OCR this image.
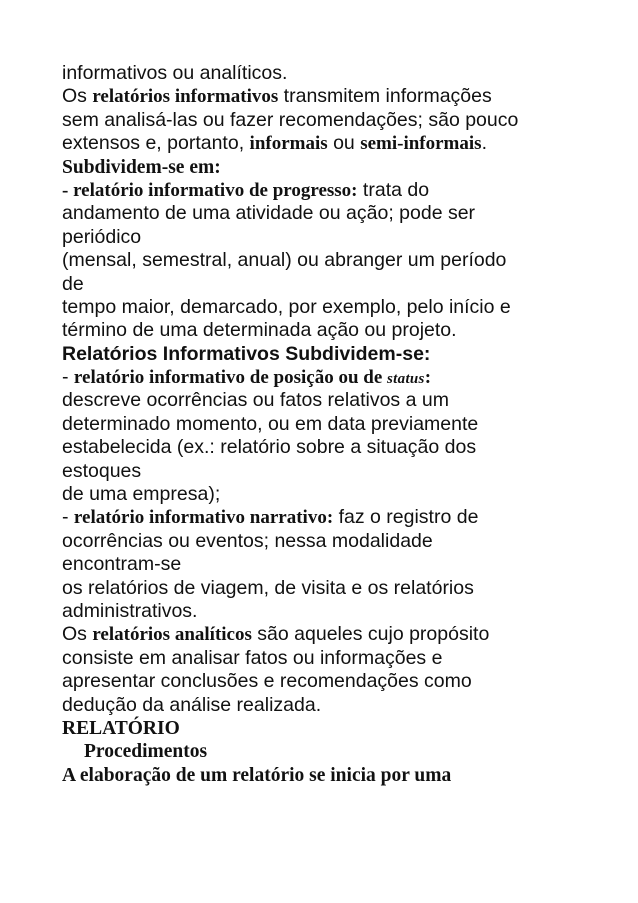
informativos ou analíticos.
Os relatórios informativos transmitem informações
sem analisá-las ou fazer recomendações; são pouco
extensos e, portanto, informais ou semi-informais.
Subdividem-se em:
- relatório informativo de progresso: trata do
andamento de uma atividade ou ação; pode ser
periódico
(mensal, semestral, anual) ou abranger um período
de
tempo maior, demarcado, por exemplo, pelo início e
término de uma determinada ação ou projeto.
Relatórios Informativos Subdividem-se:
- relatório informativo de posição ou de status:
descreve ocorrências ou fatos relativos a um
determinado momento, ou em data previamente
estabelecida (ex.: relatório sobre a situação dos
estoques
de uma empresa);
- relatório informativo narrativo: faz o registro de
ocorrências ou eventos; nessa modalidade
encontram-se
os relatórios de viagem, de visita e os relatórios
administrativos.
Os relatórios analíticos são aqueles cujo propósito
consiste em analisar fatos ou informações e
apresentar conclusões e recomendações como
dedução da análise realizada.
RELATÓRIO
Procedimentos
A elaboração de um relatório se inicia por uma
